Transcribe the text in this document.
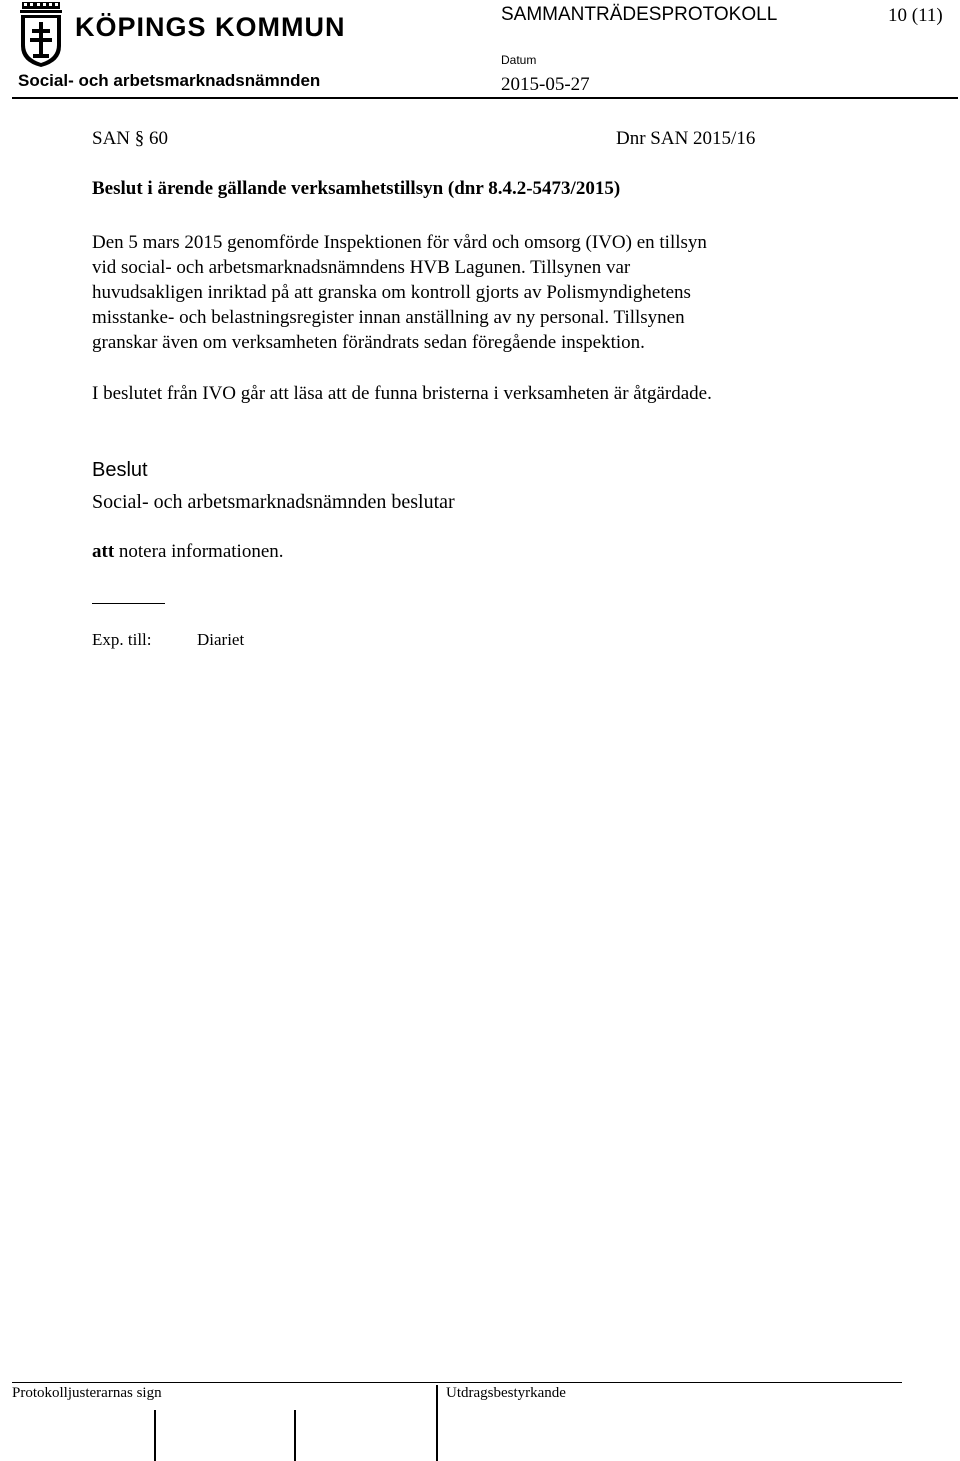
KÖPINGS KOMMUN
Social- och arbetsmarknadsnämnden
SAMMANTRÄDESPROTOKOLL	10 (11)
Datum
2015-05-27
SAN § 60	Dnr SAN 2015/16
Beslut i ärende gällande verksamhetstillsyn (dnr 8.4.2-5473/2015)
Den 5 mars 2015 genomförde Inspektionen för vård och omsorg (IVO) en tillsyn
vid social- och arbetsmarknadsnämndens HVB Lagunen. Tillsynen var
huvudsakligen inriktad på att granska om kontroll gjorts av Polismyndighetens
misstanke- och belastningsregister innan anställning av ny personal. Tillsynen
granskar även om verksamheten förändrats sedan föregående inspektion.
I beslutet från IVO går att läsa att de funna bristerna i verksamheten är åtgärdade.
Beslut
Social- och arbetsmarknadsnämnden beslutar
att notera informationen.
Exp. till:	Diariet
Protokolljusterarnas sign	Utdragsbestyrkande
